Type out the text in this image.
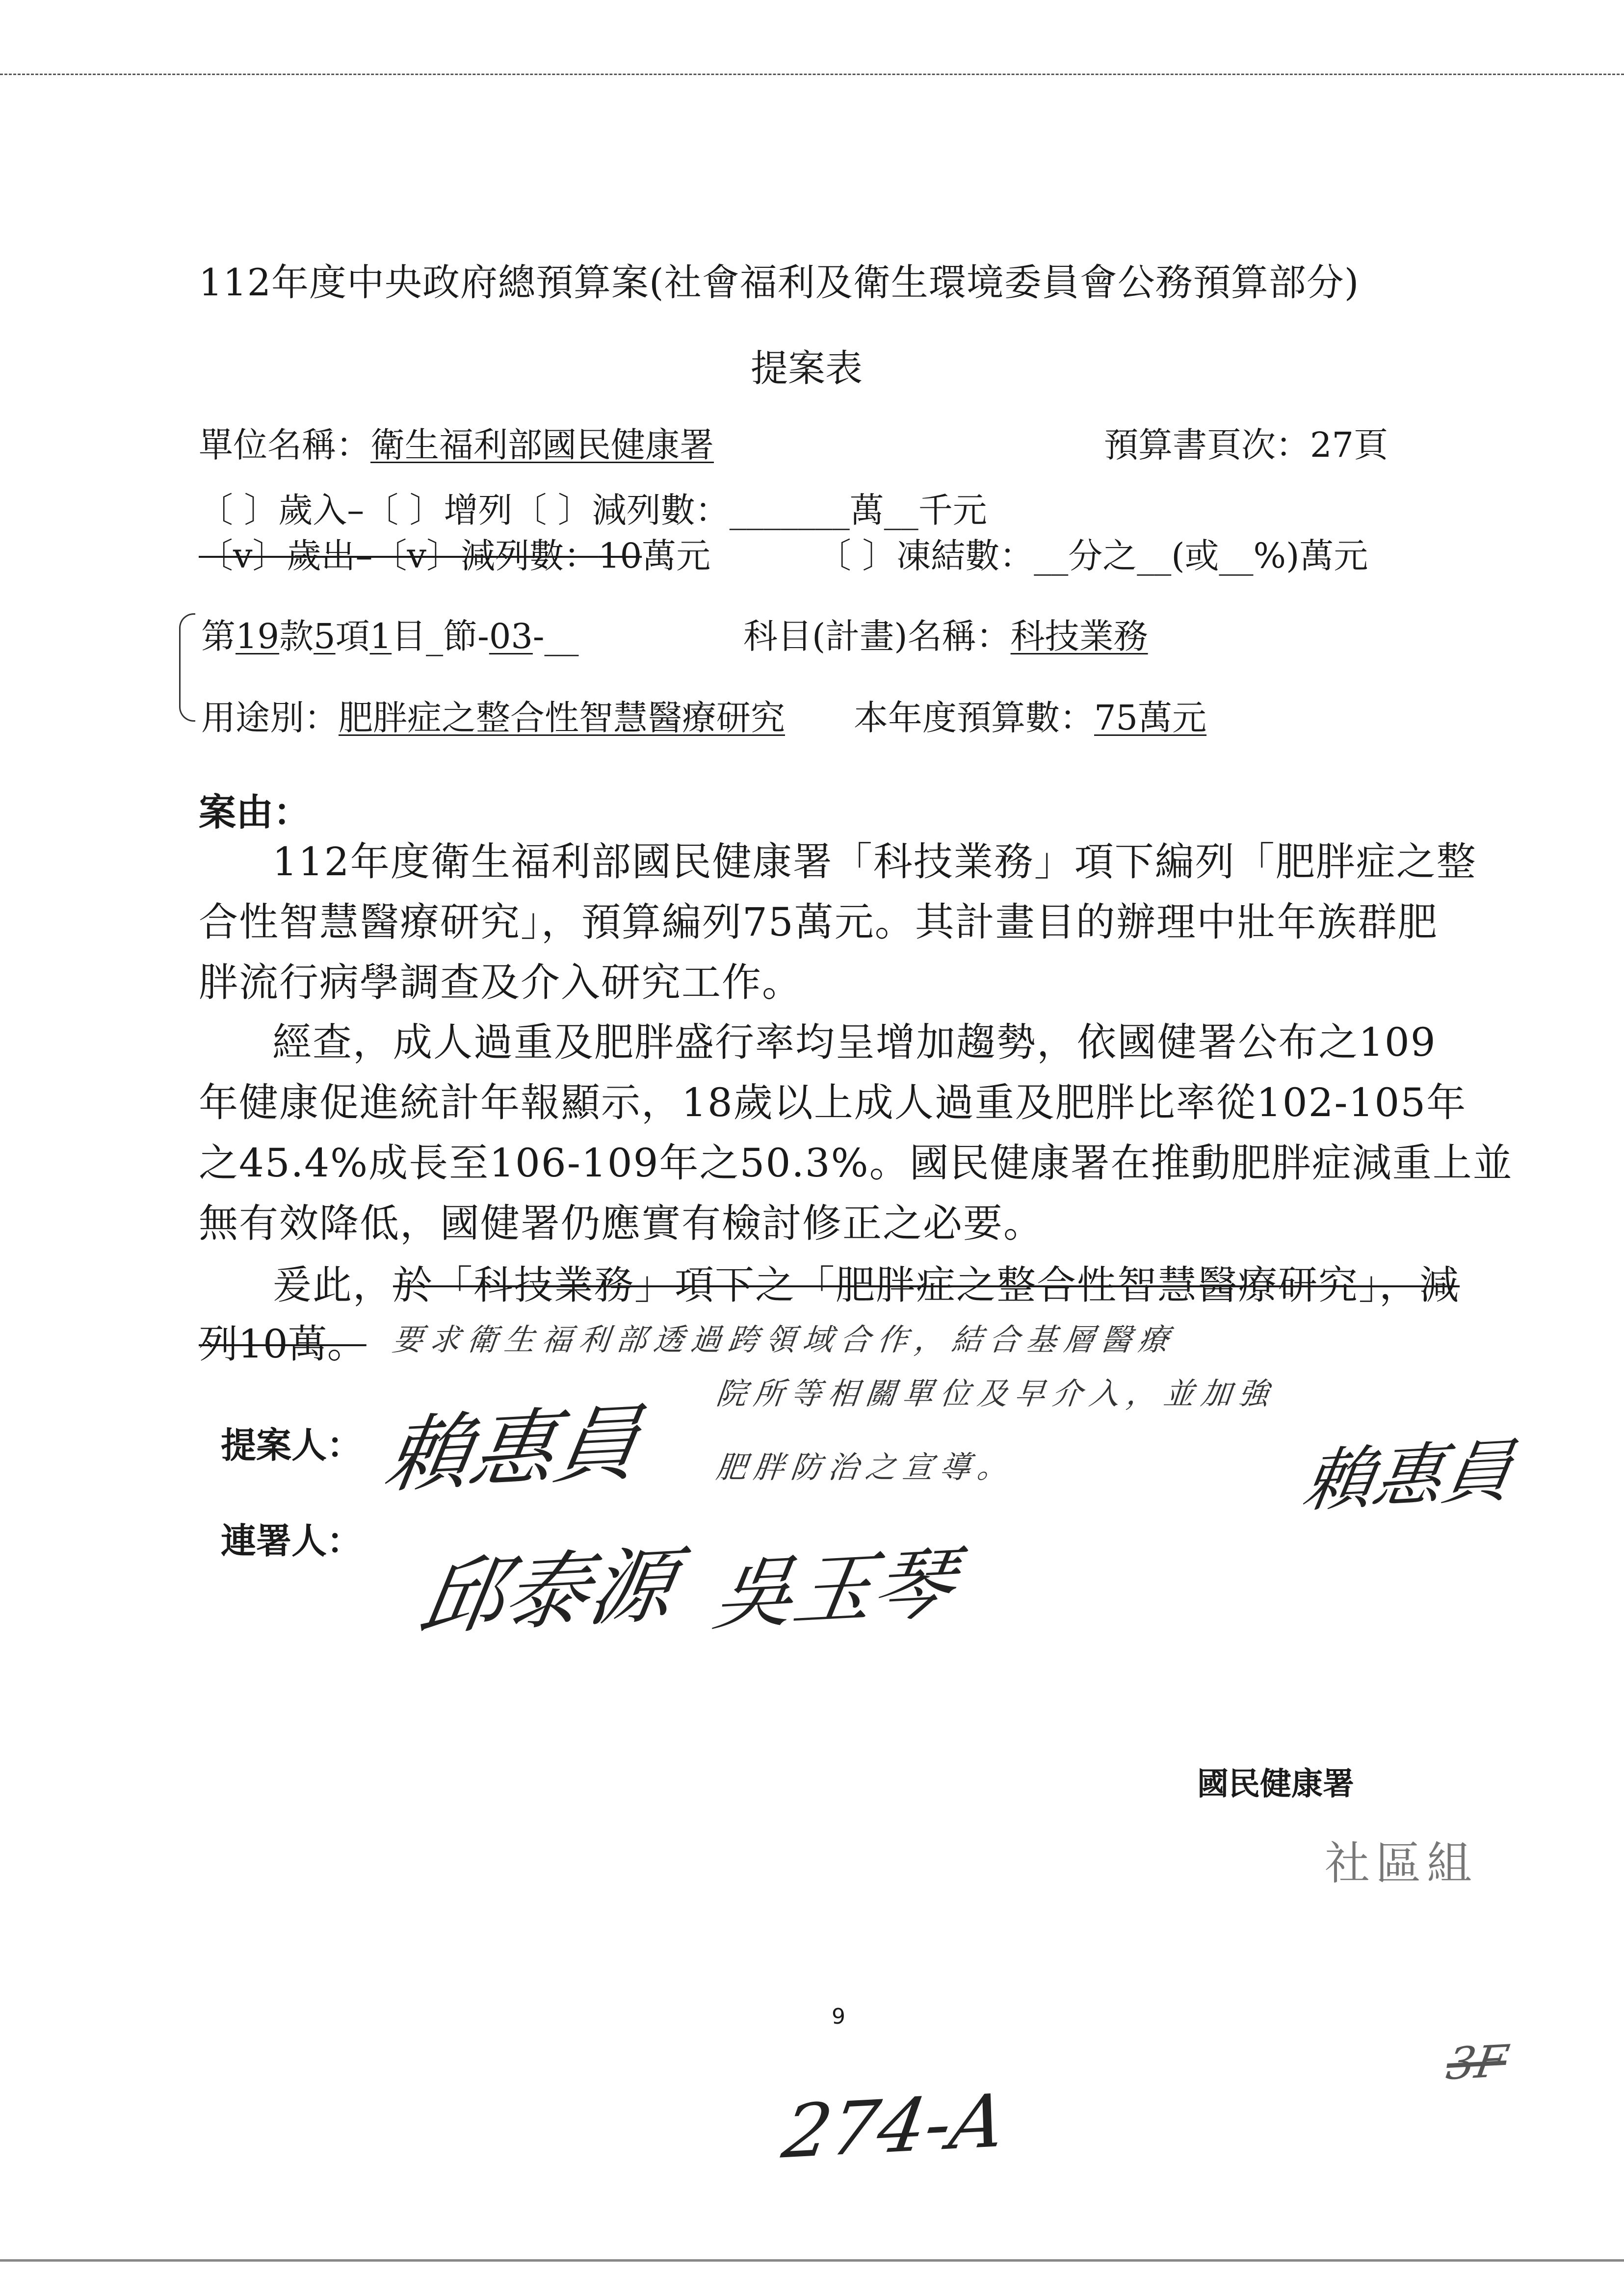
112年度中央政府總預算案(社會福利及衛生環境委員會公務預算部分)
提案表
單位名稱：衛生福利部國民健康署	預算書頁次：27頁
〔 〕歲入–〔 〕增列〔 〕減列數：_______萬__千元
〔v〕歲出–〔v〕減列數：10萬元	〔 〕凍結數：__分之__(或__%)萬元
第19款5項1目_節-03-__	科目(計畫)名稱：科技業務
用途別：肥胖症之整合性智慧醫療研究 本年度預算數：75萬元
案由：
112年度衛生福利部國民健康署「科技業務」項下編列「肥胖症之整
合性智慧醫療研究」，預算編列75萬元。其計畫目的辦理中壯年族群肥
胖流行病學調查及介入研究工作。
經查，成人過重及肥胖盛行率均呈增加趨勢，依國健署公布之109
年健康促進統計年報顯示，18歲以上成人過重及肥胖比率從102-105年
之45.4%成長至106-109年之50.3%。國民健康署在推動肥胖症減重上並
無有效降低，國健署仍應實有檢討修正之必要。
爰此，於「科技業務」項下之「肥胖症之整合性智慧醫療研究」，減
列10萬。 要求衛生福利部透過跨領域合作，結合基層醫療
院所等相關單位及早介入，並加強
肥胖防治之宣導。
提案人： 賴惠員	賴惠員
連署人： 邱泰源 吳玉琴
國民健康署
社區組
9
274-A
3F
